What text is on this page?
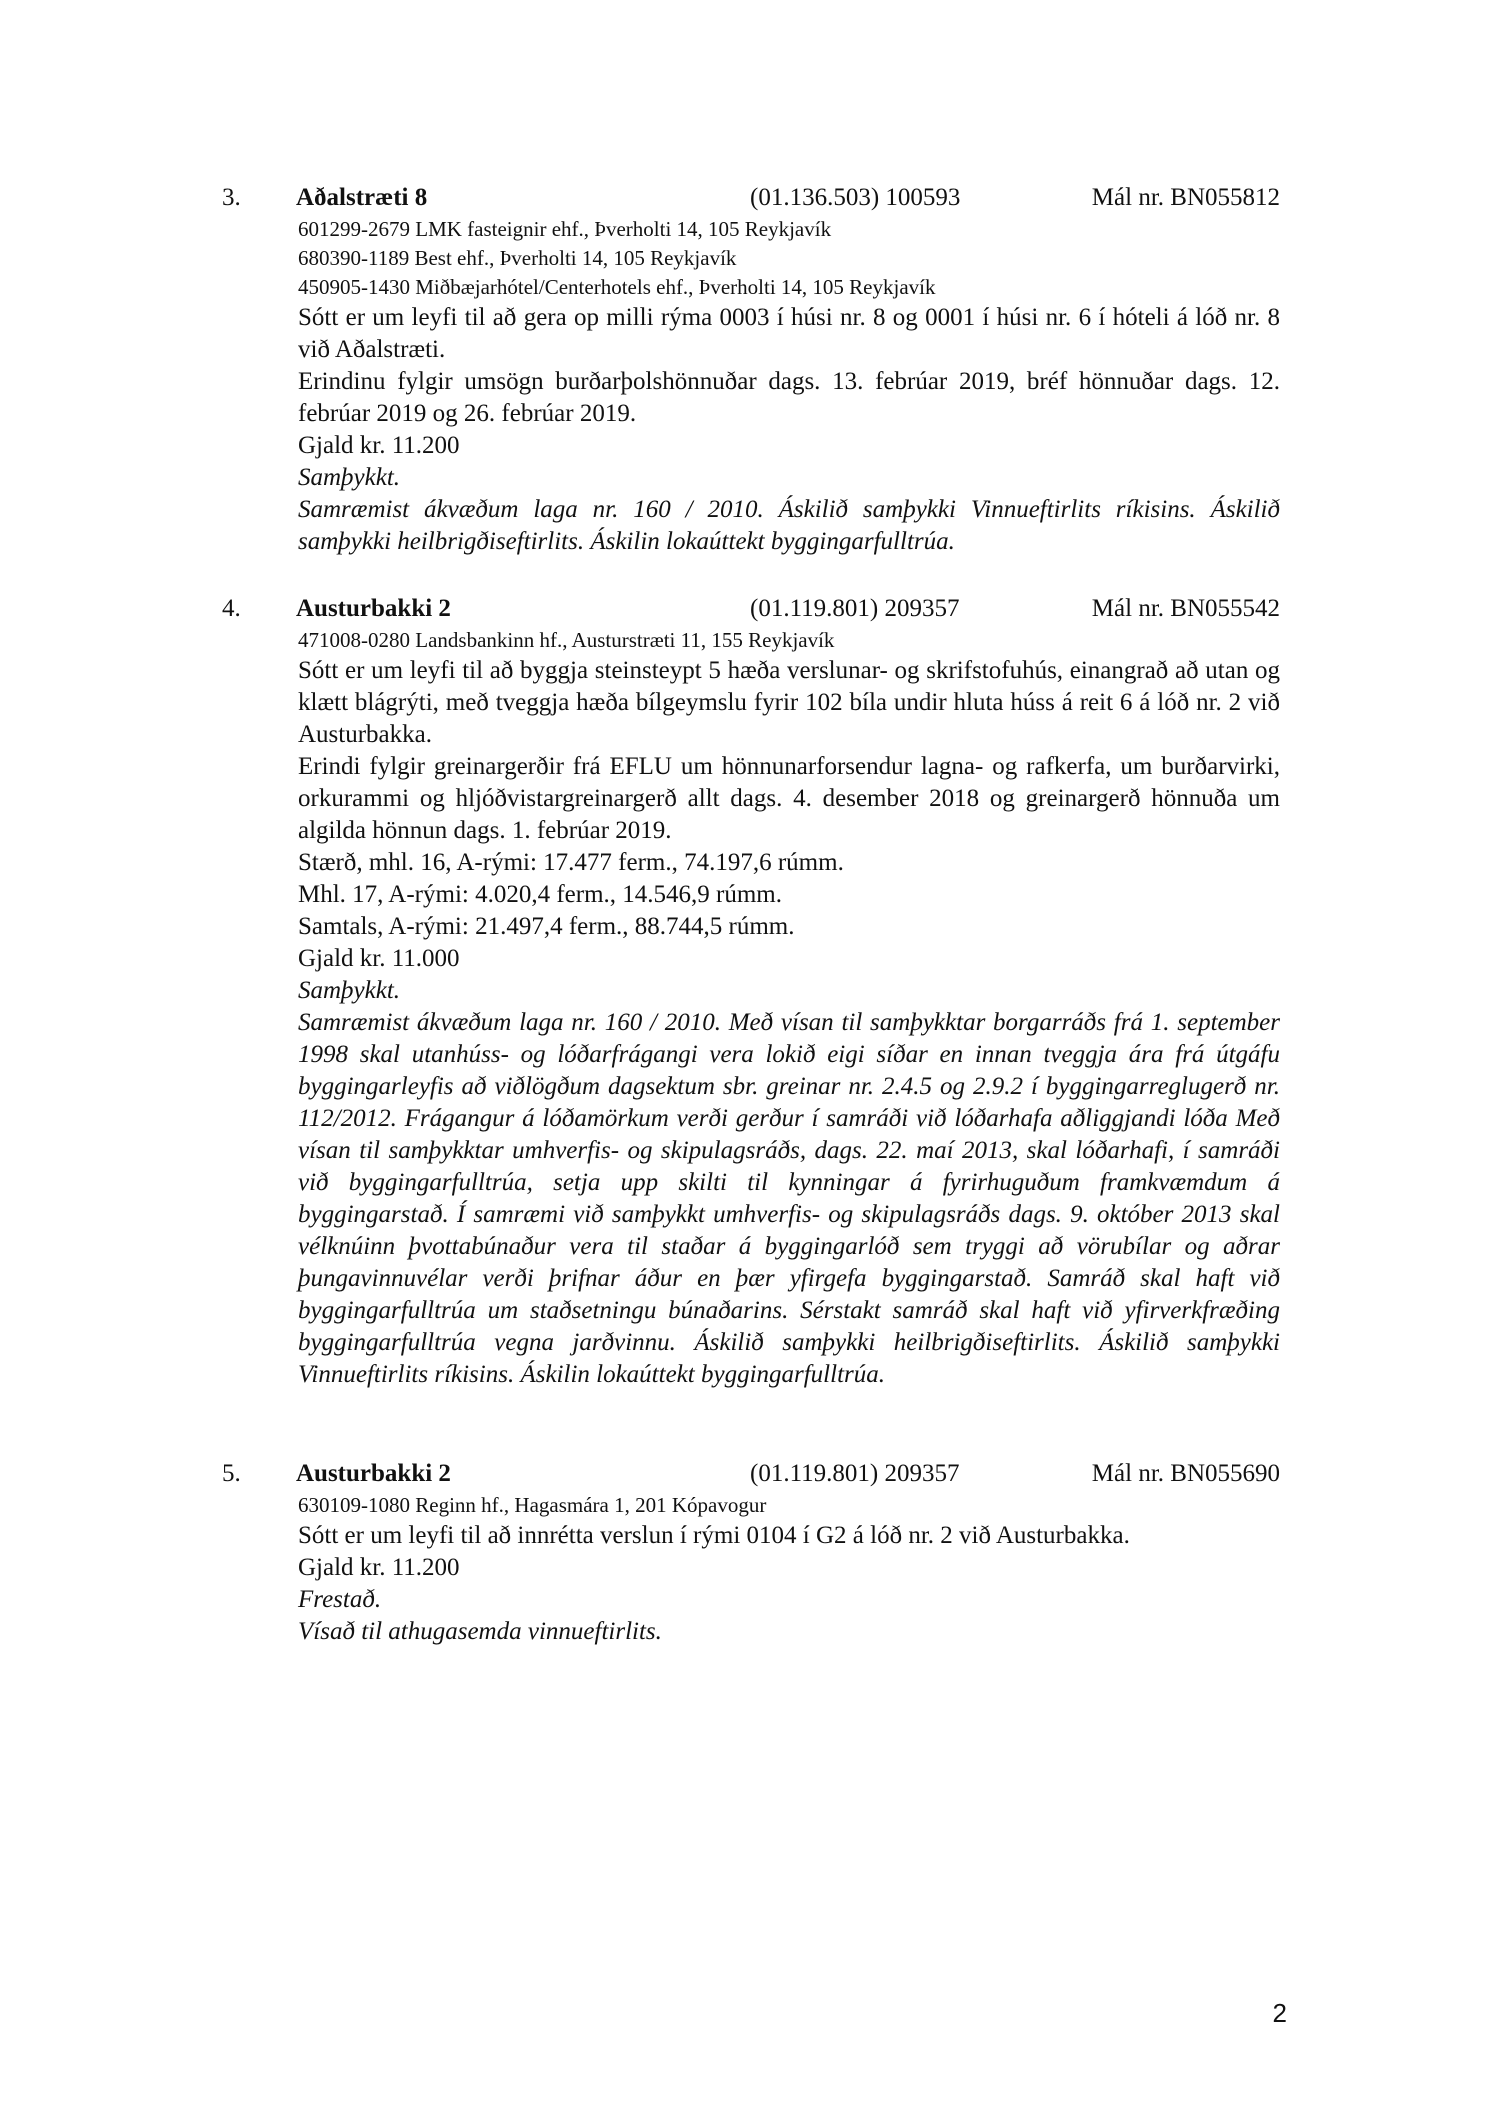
3. Aðalstræti 8	(01.136.503) 100593	Mál nr. BN055812
601299-2679 LMK fasteignir ehf., Þverholti 14, 105 Reykjavík
680390-1189 Best ehf., Þverholti 14, 105 Reykjavík
450905-1430 Miðbæjarhótel/Centerhotels ehf., Þverholti 14, 105 Reykjavík
Sótt er um leyfi til að gera op milli rýma 0003 í húsi nr. 8 og 0001 í húsi nr. 6 í hóteli á lóð nr. 8 við Aðalstræti.
Erindinu fylgir umsögn burðarþolshönnuðar dags. 13. febrúar 2019, bréf hönnuðar dags. 12. febrúar 2019 og 26. febrúar 2019.
Gjald kr. 11.200
Samþykkt.
Samræmist ákvæðum laga nr. 160 / 2010. Áskilið samþykki Vinnueftirlits ríkisins. Áskilið samþykki heilbrigðiseftirlits. Áskilin lokaúttekt byggingarfulltrúa.
4. Austurbakki 2	(01.119.801) 209357	Mál nr. BN055542
471008-0280 Landsbankinn hf., Austurstræti 11, 155 Reykjavík
Sótt er um leyfi til að byggja steinsteypt 5 hæða verslunar- og skrifstofuhús, einangrað að utan og klætt blágrýti, með tveggja hæða bílgeymslu fyrir 102 bíla undir hluta húss á reit 6 á lóð nr. 2 við Austurbakka.
Erindi fylgir greinargerðir frá EFLU um hönnunarforsendur lagna- og rafkerfa, um burðarvirki, orkurammi og hljóðvistargreinargerð allt dags. 4. desember 2018 og greinargerð hönnuða um algilda hönnun dags. 1. febrúar 2019.
Stærð, mhl. 16, A-rými: 17.477 ferm., 74.197,6 rúmm.
Mhl. 17, A-rými: 4.020,4 ferm., 14.546,9 rúmm.
Samtals, A-rými: 21.497,4 ferm., 88.744,5 rúmm.
Gjald kr. 11.000
Samþykkt.
Samræmist ákvæðum laga nr. 160 / 2010. Með vísan til samþykktar borgarráðs frá 1. september 1998 skal utanhúss- og lóðarfrágangi vera lokið eigi síðar en innan tveggja ára frá útgáfu byggingarleyfis að viðlögðum dagsektum sbr. greinar nr. 2.4.5 og 2.9.2 í byggingarreglugerð nr. 112/2012. Frágangur á lóðamörkum verði gerður í samráði við lóðarhafa aðliggjandi lóða Með vísan til samþykktar umhverfis- og skipulagsráðs, dags. 22. maí 2013, skal lóðarhafi, í samráði við byggingarfulltrúa, setja upp skilti til kynningar á fyrirhuguðum framkvæmdum á byggingarstað. Í samræmi við samþykkt umhverfis- og skipulagsráðs dags. 9. október 2013 skal vélknúinn þvottabúnaður vera til staðar á byggingarlóð sem tryggi að vörubílar og aðrar þungavinnuvélar verði þrifnar áður en þær yfirgefa byggingarstað. Samráð skal haft við byggingarfulltrúa um staðsetningu búnaðarins. Sérstakt samráð skal haft við yfirverkfræðing byggingarfulltrúa vegna jarðvinnu. Áskilið samþykki heilbrigðiseftirlits. Áskilið samþykki Vinnueftirlits ríkisins. Áskilin lokaúttekt byggingarfulltrúa.
5. Austurbakki 2	(01.119.801) 209357	Mál nr. BN055690
630109-1080 Reginn hf., Hagasmára 1, 201 Kópavogur
Sótt er um leyfi til að innrétta verslun í rými 0104 í G2 á lóð nr. 2 við Austurbakka.
Gjald kr. 11.200
Frestað.
Vísað til athugasemda vinnueftirlits.
2
